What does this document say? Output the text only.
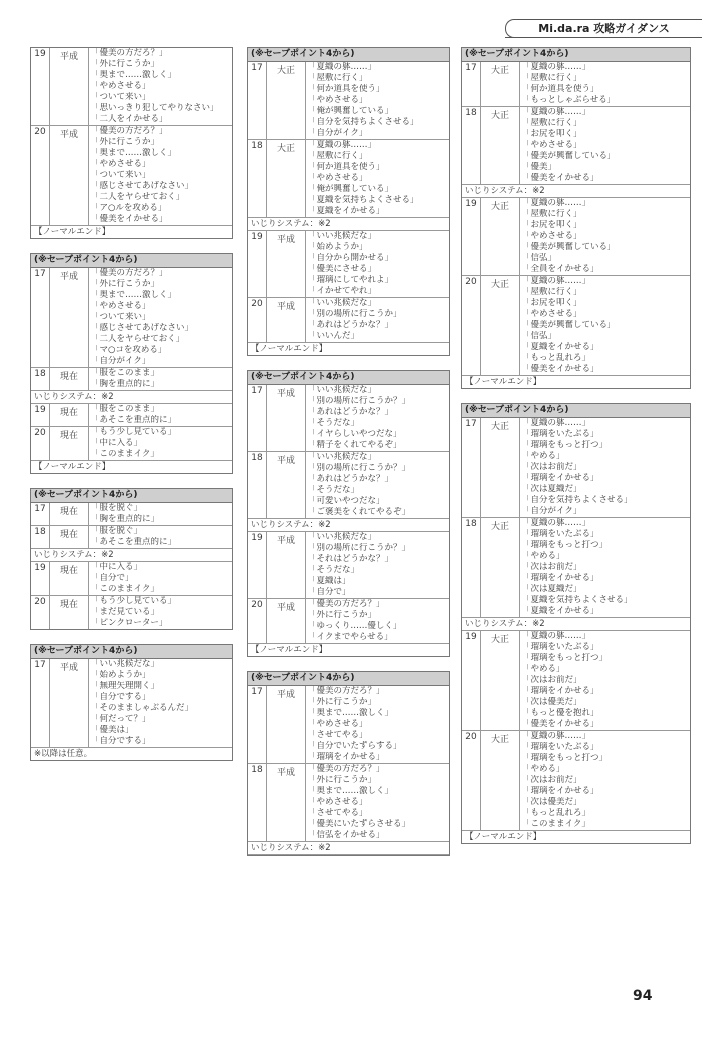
Mi.da.ra 攻略ガイダンス
19	平成	「優美の方だろ？」
「外に行こうか」
「奥まで……激しく」
「やめさせる」
「ついて来い」
「思いっきり犯してやりなさい」
「二人をイかせる」
20	平成	「優美の方だろ？」
「外に行こうか」
「奥まで……激しく」
「やめさせる」
「ついて来い」
「感じさせてあげなさい」
「二人をヤらせておく」
「ア○ルを攻める」
「優美をイかせる」
【ノーマルエンド】
(※セーブポイント4から)
17	平成	「優美の方だろ？」
「外に行こうか」
「奥まで……激しく」
「やめさせる」
「ついて来い」
「感じさせてあげなさい」
「二人をヤらせておく」
「マ○コを攻める」
「自分がイク」
18	現在	「服をこのまま」
「胸を重点的に」
いじりシステム：※2
19	現在	「服をこのまま」
「あそこを重点的に」
20	現在	「もう少し見ている」
「中に入る」
「このままイク」
【ノーマルエンド】
(※セーブポイント4から)
17	現在	「服を脱ぐ」
「胸を重点的に」
18	現在	「服を脱ぐ」
「あそこを重点的に」
いじりシステム：※2
19	現在	「中に入る」
「自分で」
「このままイク」
20	現在	「もう少し見ている」
「まだ見ている」
「ピンクローター」
(※セーブポイント4から)
17	平成	「いい兆候だな」
「始めようか」
「無理矢理開く」
「自分でする」
「そのまましゃぶるんだ」
「何だって？」
「優美は」
「自分でする」
※以降は任意。
(※セーブポイント4から)
17	大正	「夏織の躰……」
「屋敷に行く」
「何か道具を使う」
「やめさせる」
「俺が興奮している」
「自分を気持ちよくさせる」
「自分がイク」
18	大正	「夏織の躰……」
「屋敷に行く」
「何か道具を使う」
「やめさせる」
「俺が興奮している」
「夏織を気持ちよくさせる」
「夏織をイかせる」
いじりシステム：※2
19	平成	「いい兆候だな」
「始めようか」
「自分から開かせる」
「優美にさせる」
「瑠璃にしてやれよ」
「イかせてやれ」
20	平成	「いい兆候だな」
「別の場所に行こうか」
「あれはどうかな？」
「いいんだ」
【ノーマルエンド】
(※セーブポイント4から)
17	平成	「いい兆候だな」
「別の場所に行こうか？」
「あれはどうかな？」
「そうだな」
「イヤらしいやつだな」
「精子をくれてやるぞ」
18	平成	「いい兆候だな」
「別の場所に行こうか？」
「あれはどうかな？」
「そうだな」
「可愛いやつだな」
「ご褒美をくれてやるぞ」
いじりシステム：※2
19	平成	「いい兆候だな」
「別の場所に行こうか？」
「それはどうかな？」
「そうだな」
「夏織は」
「自分で」
20	平成	「優美の方だろ？」
「外に行こうか」
「ゆっくり……優しく」
「イクまでやらせる」
【ノーマルエンド】
(※セーブポイント4から)
17	平成	「優美の方だろ？」
「外に行こうか」
「奥まで……激しく」
「やめさせる」
「させてやる」
「自分でいたずらする」
「瑠璃をイかせる」
18	平成	「優美の方だろ？」
「外に行こうか」
「奥まで……激しく」
「やめさせる」
「させてやる」
「優美にいたずらさせる」
「信弘をイかせる」
いじりシステム：※2
(※セーブポイント4から)
17	大正	「夏織の躰……」
「屋敷に行く」
「何か道具を使う」
「もっとしゃぶらせる」
18	大正	「夏織の躰……」
「屋敷に行く」
「お尻を叩く」
「やめさせる」
「優美が興奮している」
「優美」
「優美をイかせる」
いじりシステム：※2
19	大正	「夏織の躰……」
「屋敷に行く」
「お尻を叩く」
「やめさせる」
「優美が興奮している」
「信弘」
「全員をイかせる」
20	大正	「夏織の躰……」
「屋敷に行く」
「お尻を叩く」
「やめさせる」
「優美が興奮している」
「信弘」
「夏織をイかせる」
「もっと乱れろ」
「優美をイかせる」
【ノーマルエンド】
(※セーブポイント4から)
17	大正	「夏織の躰……」
「瑠璃をいたぶる」
「瑠璃をもっと打つ」
「やめる」
「次はお前だ」
「瑠璃をイかせる」
「次は夏織だ」
「自分を気持ちよくさせる」
「自分がイク」
18	大正	「夏織の躰……」
「瑠璃をいたぶる」
「瑠璃をもっと打つ」
「やめる」
「次はお前だ」
「瑠璃をイかせる」
「次は夏織だ」
「夏織を気持ちよくさせる」
「夏織をイかせる」
いじりシステム：※2
19	大正	「夏織の躰……」
「瑠璃をいたぶる」
「瑠璃をもっと打つ」
「やめる」
「次はお前だ」
「瑠璃をイかせる」
「次は優美だ」
「もっと優を抱れ」
「優美をイかせる」
20	大正	「夏織の躰……」
「瑠璃をいたぶる」
「瑠璃をもっと打つ」
「やめる」
「次はお前だ」
「瑠璃をイかせる」
「次は優美だ」
「もっと乱れろ」
「このままイク」
【ノーマルエンド】
94
